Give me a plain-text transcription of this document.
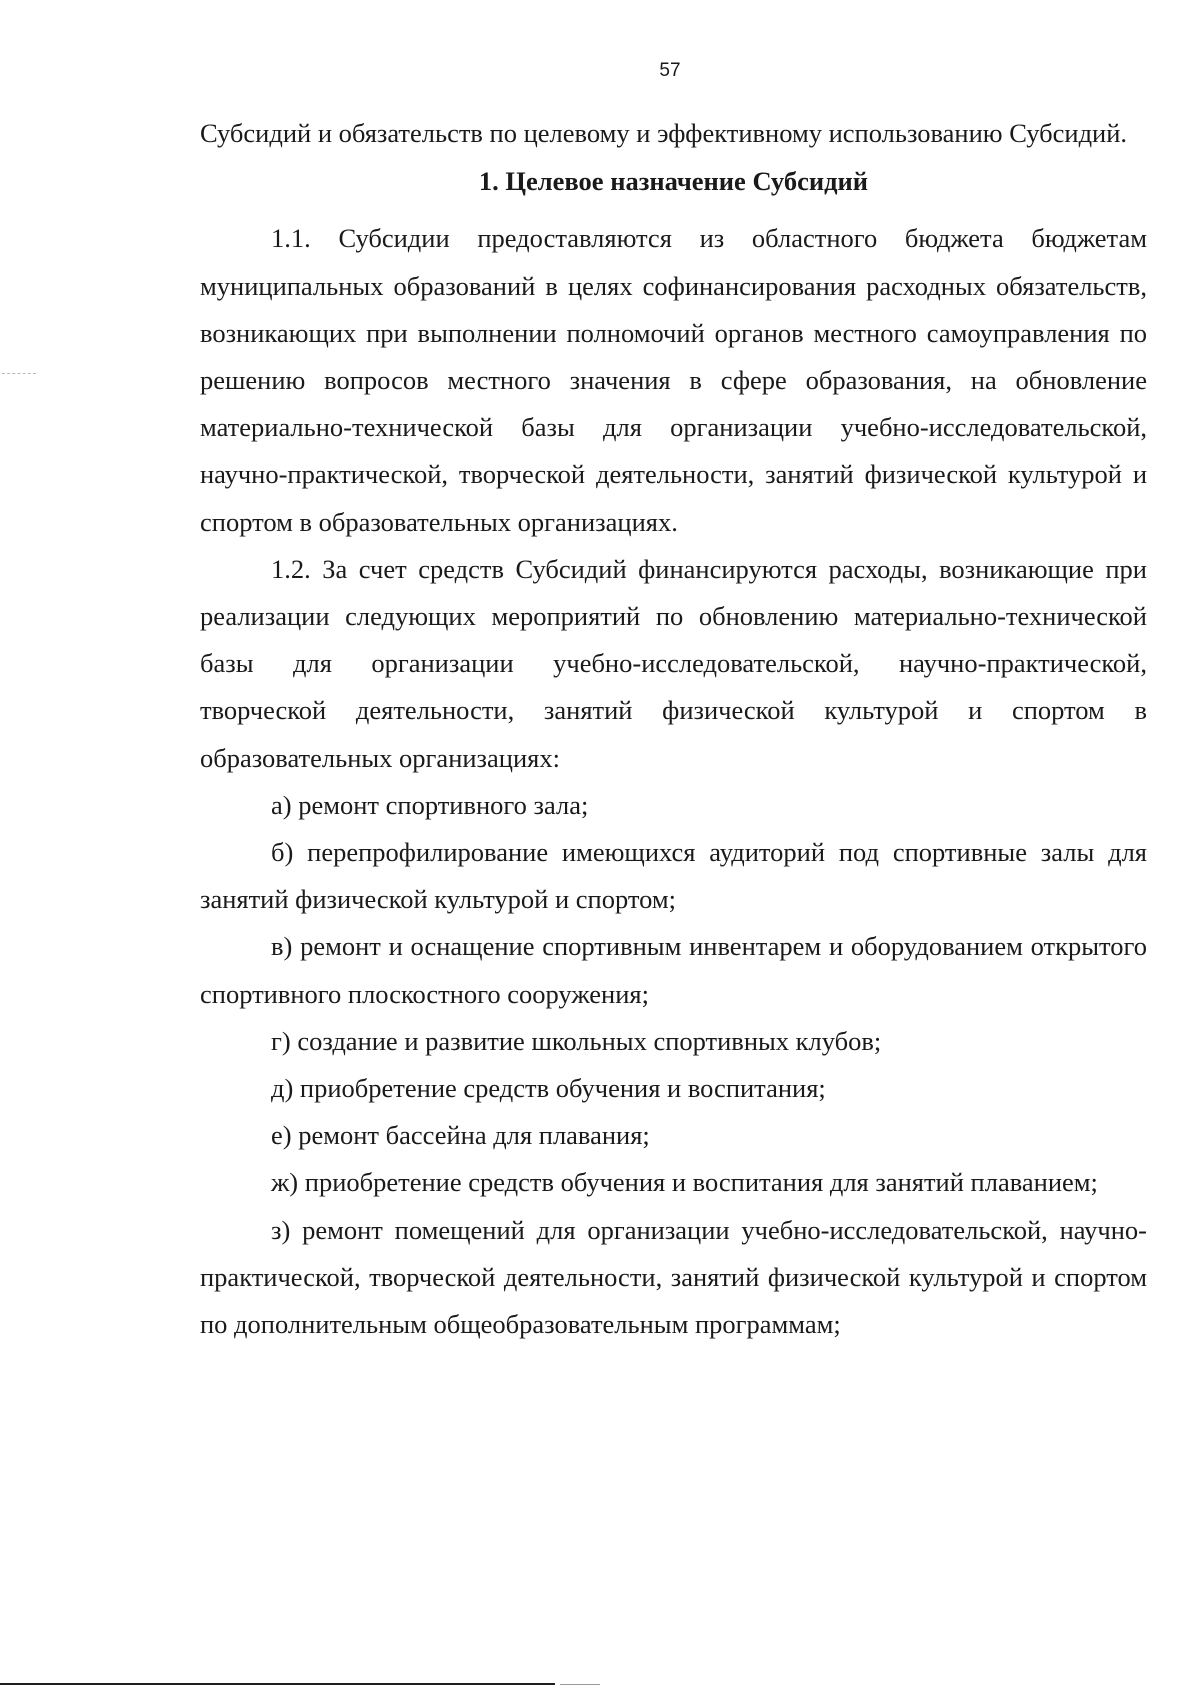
57

Субсидий и обязательств по целевому и эффективному использованию Субсидий.

1. Целевое назначение Субсидий

1.1. Субсидии предоставляются из областного бюджета бюджетам муниципальных образований в целях софинансирования расходных обязательств, возникающих при выполнении полномочий органов местного самоуправления по решению вопросов местного значения в сфере образования, на обновление материально-технической базы для организации учебно-исследовательской, научно-практической, творческой деятельности, занятий физической культурой и спортом в образовательных организациях.

1.2. За счет средств Субсидий финансируются расходы, возникающие при реализации следующих мероприятий по обновлению материально-технической базы для организации учебно-исследовательской, научно-практической, творческой деятельности, занятий физической культурой и спортом в образовательных организациях:

а) ремонт спортивного зала;

б) перепрофилирование имеющихся аудиторий под спортивные залы для занятий физической культурой и спортом;

в) ремонт и оснащение спортивным инвентарем и оборудованием открытого спортивного плоскостного сооружения;

г) создание и развитие школьных спортивных клубов;

д) приобретение средств обучения и воспитания;

е) ремонт бассейна для плавания;

ж) приобретение средств обучения и воспитания для занятий плаванием;

з) ремонт помещений для организации учебно-исследовательской, научно-практической, творческой деятельности, занятий физической культурой и спортом по дополнительным общеобразовательным программам;
